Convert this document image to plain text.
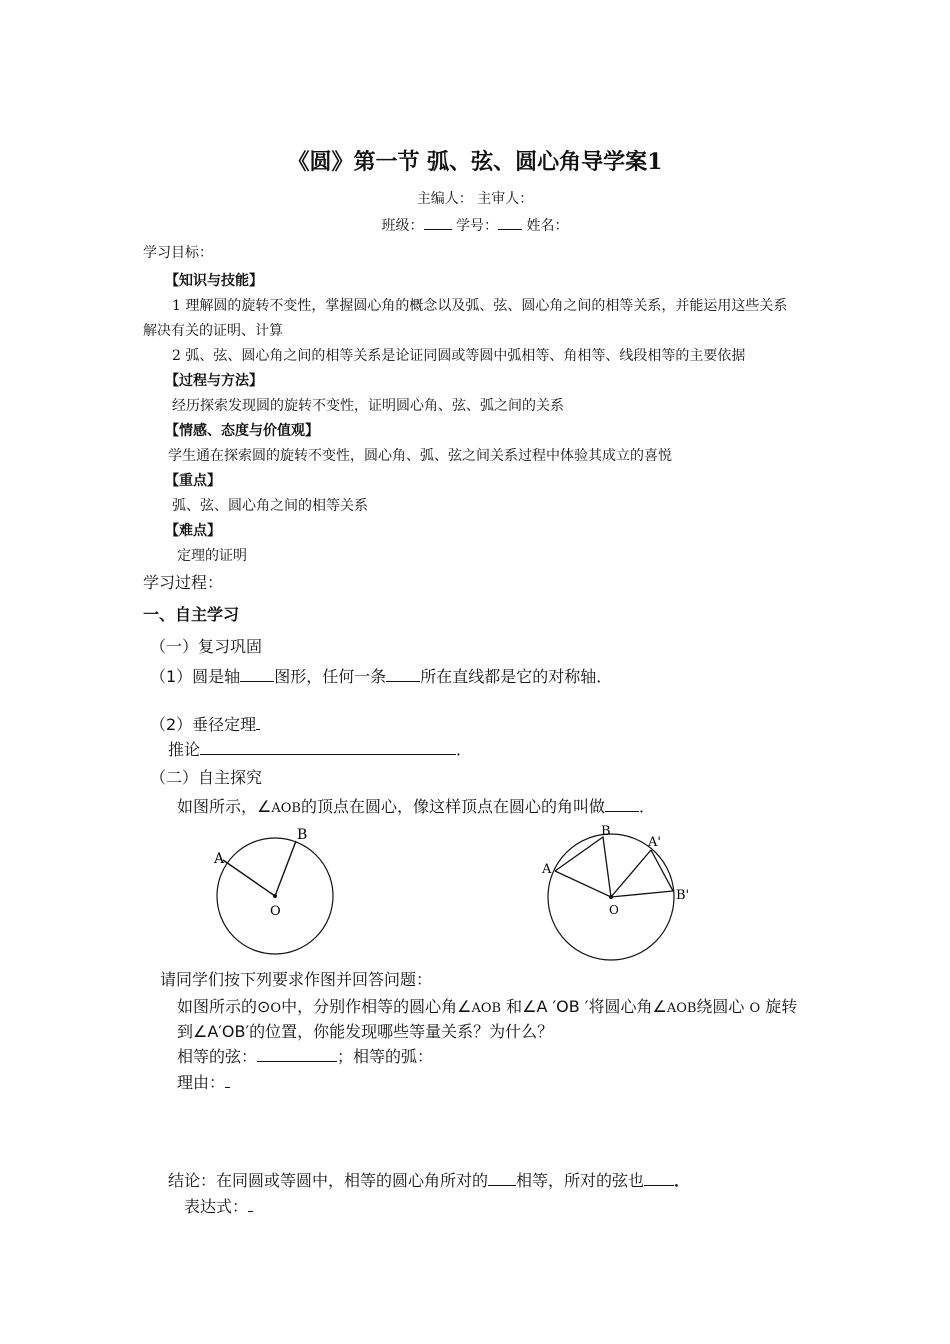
《圆》第一节 弧、弦、圆心角导学案1
主编人： 主审人：
班级： 学号： 姓名：
学习目标：
【知识与技能】
1 理解圆的旋转不变性，掌握圆心角的概念以及弧、弦、圆心角之间的相等关系，并能运用这些关系
解决有关的证明、计算
2 弧、弦、圆心角之间的相等关系是论证同圆或等圆中弧相等、角相等、线段相等的主要依据
【过程与方法】
经历探索发现圆的旋转不变性，证明圆心角、弦、弧之间的关系
【情感、态度与价值观】
学生通在探索圆的旋转不变性，圆心角、弧、弦之间关系过程中体验其成立的喜悦
【重点】
弧、弦、圆心角之间的相等关系
【难点】
定理的证明
学习过程：
一、自主学习
（一）复习巩固
（1）圆是轴 图形，任何一条 所在直线都是它的对称轴．
（2）垂径定理
推论	．
（二）自主探究
如图所示，∠AOB的顶点在圆心，像这样顶点在圆心的角叫做 ．
A
B
O
A
B
A'
B'
O
请同学们按下列要求作图并回答问题：
如图所示的⊙O中，分别作相等的圆心角∠AOB 和∠A ′OB ′将圆心角∠AOB绕圆心 O 旋转
到∠A′OB′的位置，你能发现哪些等量关系？为什么？
相等的弦：	；相等的弧：
理由：
结论：在同圆或等圆中，相等的圆心角所对的 相等，所对的弦也 ．
表达式：
